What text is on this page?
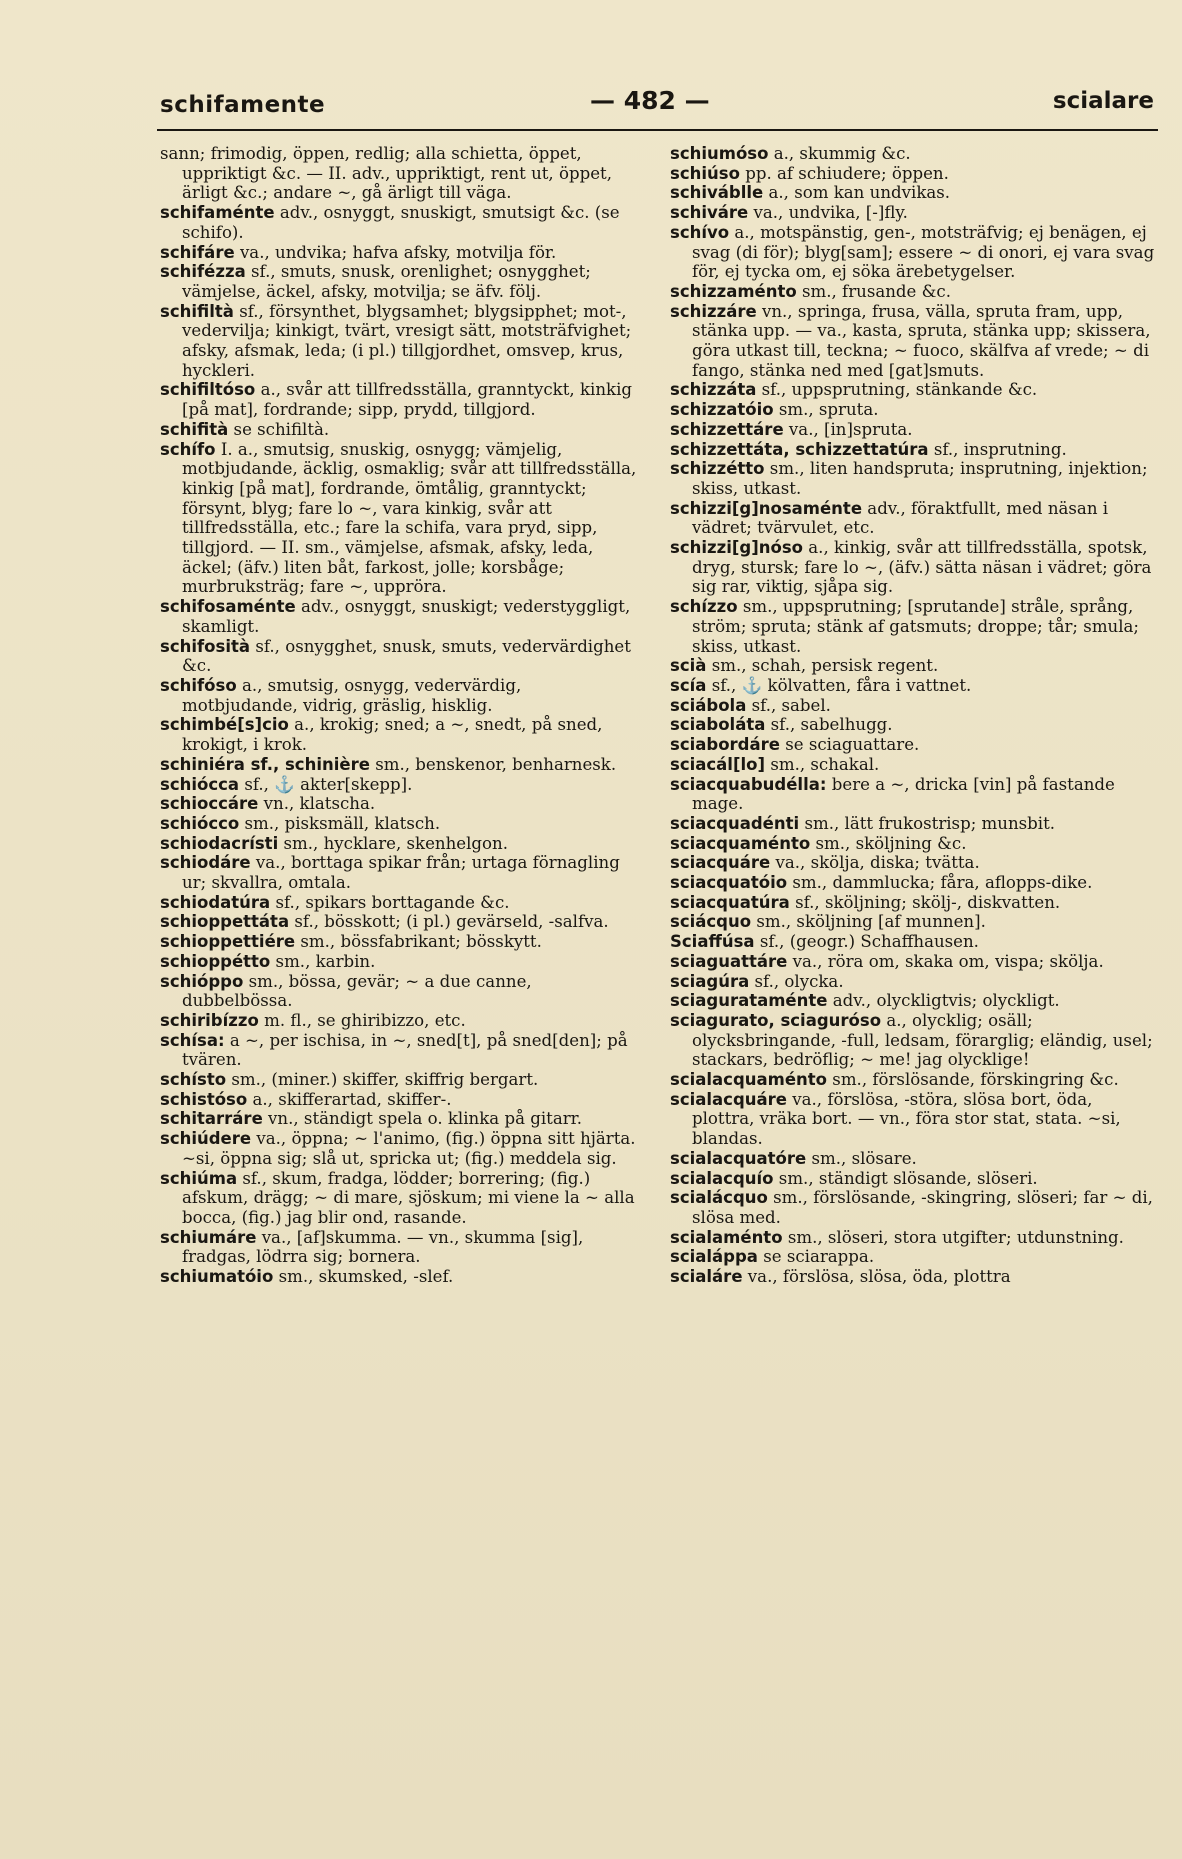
schifamente	— 482 —	scialare

sann; frimodig, öppen, redlig; alla schietta, öppet, uppriktigt &c. — II. adv., uppriktigt, rent ut, öppet, ärligt &c.; andare ~, gå ärligt till väga.

schifaménte adv., osnyggt, snuskigt, smutsigt &c. (se schifo).

schifáre va., undvika; hafva afsky, motvilja för.

schifézza sf., smuts, snusk, orenlighet; osnygghet; vämjelse, äckel, afsky, motvilja; se äfv. följ.

schifiltà sf., försynthet, blygsamhet; blygsipphet; mot-, vedervilja; kinkigt, tvärt, vresigt sätt, motsträfvighet; afsky, afsmak, leda; (i pl.) tillgjordhet, omsvep, krus, hyckleri.

schifiltóso a., svår att tillfredsställa, granntyckt, kinkig [på mat], fordrande; sipp, prydd, tillgjord.

schifità se schifiltà.

schífo I. a., smutsig, snuskig, osnygg; vämjelig, motbjudande, äcklig, osmaklig; svår att tillfredsställa, kinkig [på mat], fordrande, ömtålig, granntyckt; försynt, blyg; fare lo ~, vara kinkig, svår att tillfredsställa, etc.; fare la schifa, vara pryd, sipp, tillgjord. — II. sm., vämjelse, afsmak, afsky, leda, äckel; (äfv.) liten båt, farkost, jolle; korsbåge; murbruksträg; fare ~, uppröra.

schifosaménte adv., osnyggt, snuskigt; vederstyggligt, skamligt.

schifosità sf., osnygghet, snusk, smuts, vedervärdighet &c.

schifóso a., smutsig, osnygg, vedervärdig, motbjudande, vidrig, gräslig, hisklig.

schimbé[s]cio a., krokig; sned; a ~, snedt, på sned, krokigt, i krok.

schiniéra sf., schinière sm., benskenor, benharnesk.

schiócca sf., ⚓ akter[skepp].

schioccáre vn., klatscha.

schiócco sm., pisksmäll, klatsch.

schiodacrísti sm., hycklare, skenhelgon.

schiodáre va., borttaga spikar från; urtaga förnagling ur; skvallra, omtala.

schiodatúra sf., spikars borttagande &c.

schioppettáta sf., bösskott; (i pl.) gevärseld, -salfva.

schioppettiére sm., bössfabrikant; bösskytt.

schioppétto sm., karbin.

schióppo sm., bössa, gevär; ~ a due canne, dubbelbössa.

schiribízzo m. fl., se ghiribizzo, etc.

schísa: a ~, per ischisa, in ~, sned[t], på sned[den]; på tvären.

schísto sm., (miner.) skiffer, skiffrig bergart.

schistóso a., skifferartad, skiffer-.

schitarráre vn., ständigt spela o. klinka på gitarr.

schiúdere va., öppna; ~ l'animo, (fig.) öppna sitt hjärta. ~si, öppna sig; slå ut, spricka ut; (fig.) meddela sig.

schiúma sf., skum, fradga, lödder; borrering; (fig.) afskum, drägg; ~ di mare, sjöskum; mi viene la ~ alla bocca, (fig.) jag blir ond, rasande.

schiumáre va., [af]skumma. — vn., skumma [sig], fradgas, lödrra sig; bornera.

schiumatóio sm., skumsked, -slef.

schiumóso a., skummig &c.

schiúso pp. af schiudere; öppen.

schiváblle a., som kan undvikas.

schiváre va., undvika, [-]fly.

schívo a., motspänstig, gen-, motsträfvig; ej benägen, ej svag (di för); blyg[sam]; essere ~ di onori, ej vara svag för, ej tycka om, ej söka ärebetygelser.

schizzaménto sm., frusande &c.

schizzáre vn., springa, frusa, välla, spruta fram, upp, stänka upp. — va., kasta, spruta, stänka upp; skissera, göra utkast till, teckna; ~ fuoco, skälfva af vrede; ~ di fango, stänka ned med [gat]smuts.

schizzáta sf., uppsprutning, stänkande &c.

schizzatóio sm., spruta.

schizzettáre va., [in]spruta.

schizzettáta, schizzettatúra sf., insprutning.

schizzétto sm., liten handspruta; insprutning, injektion; skiss, utkast.

schizzi[g]nosaménte adv., föraktfullt, med näsan i vädret; tvärvulet, etc.

schizzi[g]nóso a., kinkig, svår att tillfredsställa, spotsk, dryg, stursk; fare lo ~, (äfv.) sätta näsan i vädret; göra sig rar, viktig, sjåpa sig.

schízzo sm., uppsprutning; [sprutande] stråle, språng, ström; spruta; stänk af gatsmuts; droppe; tår; smula; skiss, utkast.

scià sm., schah, persisk regent.

scía sf., ⚓ kölvatten, fåra i vattnet.

sciábola sf., sabel.

sciaboláta sf., sabelhugg.

sciabordáre se sciaguattare.

sciacál[lo] sm., schakal.

sciacquabudélla: bere a ~, dricka [vin] på fastande mage.

sciacquadénti sm., lätt frukostrisp; munsbit.

sciacquaménto sm., sköljning &c.

sciacquáre va., skölja, diska; tvätta.

sciacquatóio sm., dammlucka; fåra, aflopps-dike.

sciacquatúra sf., sköljning; skölj-, diskvatten.

sciácquo sm., sköljning [af munnen].

Sciaffúsa sf., (geogr.) Schaffhausen.

sciaguattáre va., röra om, skaka om, vispa; skölja.

sciagúra sf., olycka.

sciagurataménte adv., olyckligtvis; olyckligt.

sciagurato, sciaguróso a., olycklig; osäll; olycksbringande, -full, ledsam, förarglig; eländig, usel; stackars, bedröflig; ~ me! jag olycklige!

scialacquaménto sm., förslösande, förskingring &c.

scialacquáre va., förslösa, -störa, slösa bort, öda, plottra, vräka bort. — vn., föra stor stat, stata. ~si, blandas.

scialacquatóre sm., slösare.

scialacquío sm., ständigt slösande, slöseri.

scialácquo sm., förslösande, -skingring, slöseri; far ~ di, slösa med.

scialaménto sm., slöseri, stora utgifter; utdunstning.

scialáppa se sciarappa.

scialáre va., förslösa, slösa, öda, plottra
